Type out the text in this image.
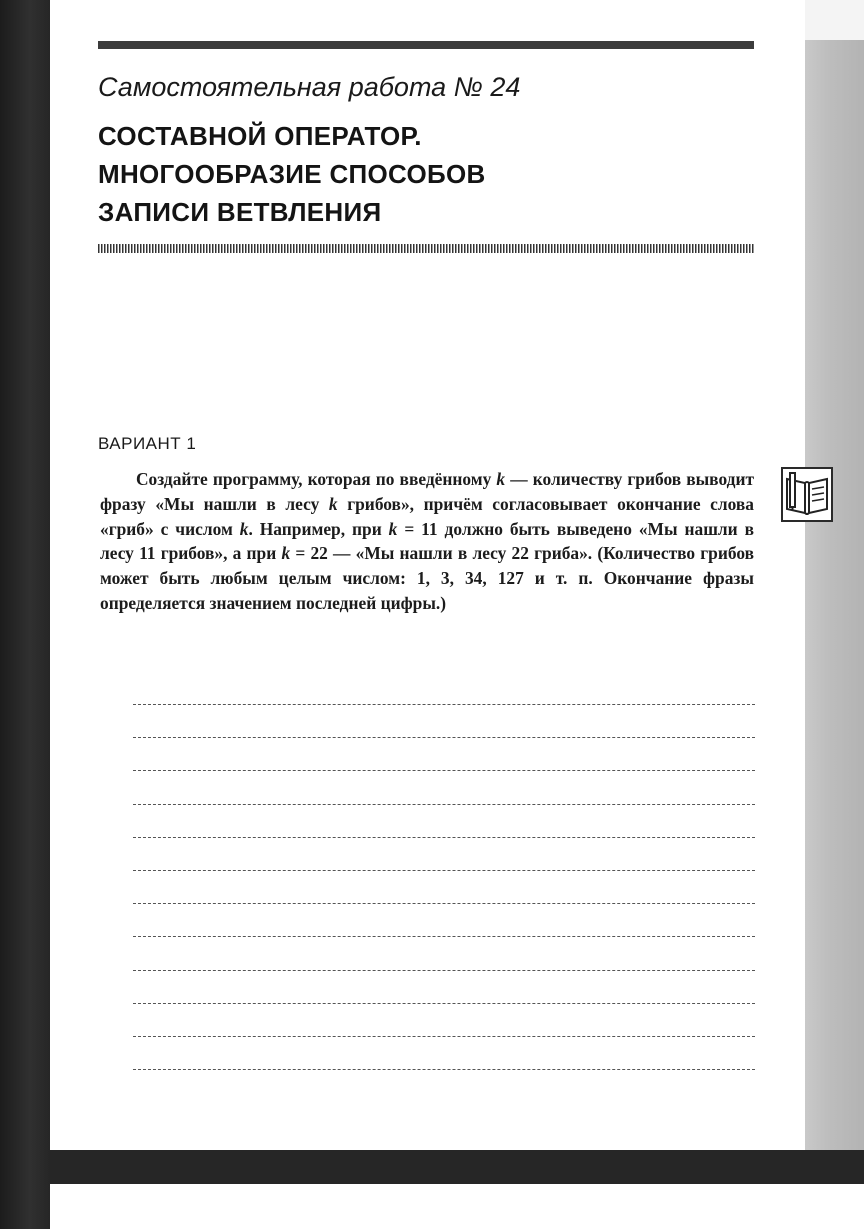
Самостоятельная работа № 24
СОСТАВНОЙ ОПЕРАТОР.
МНОГООБРАЗИЕ СПОСОБОВ
ЗАПИСИ ВЕТВЛЕНИЯ
ВАРИАНТ 1

Создайте программу, которая по введённому k — количеству грибов выводит фразу «Мы нашли в лесу k грибов», причём согласовывает окончание слова «гриб» с числом k. Например, при k = 11 должно быть выведено «Мы нашли в лесу 11 грибов», а при k = 22 — «Мы нашли в лесу 22 гриба». (Количество грибов может быть любым целым числом: 1, 3, 34, 127 и т. п. Окончание фразы определяется значением последней цифры.)
